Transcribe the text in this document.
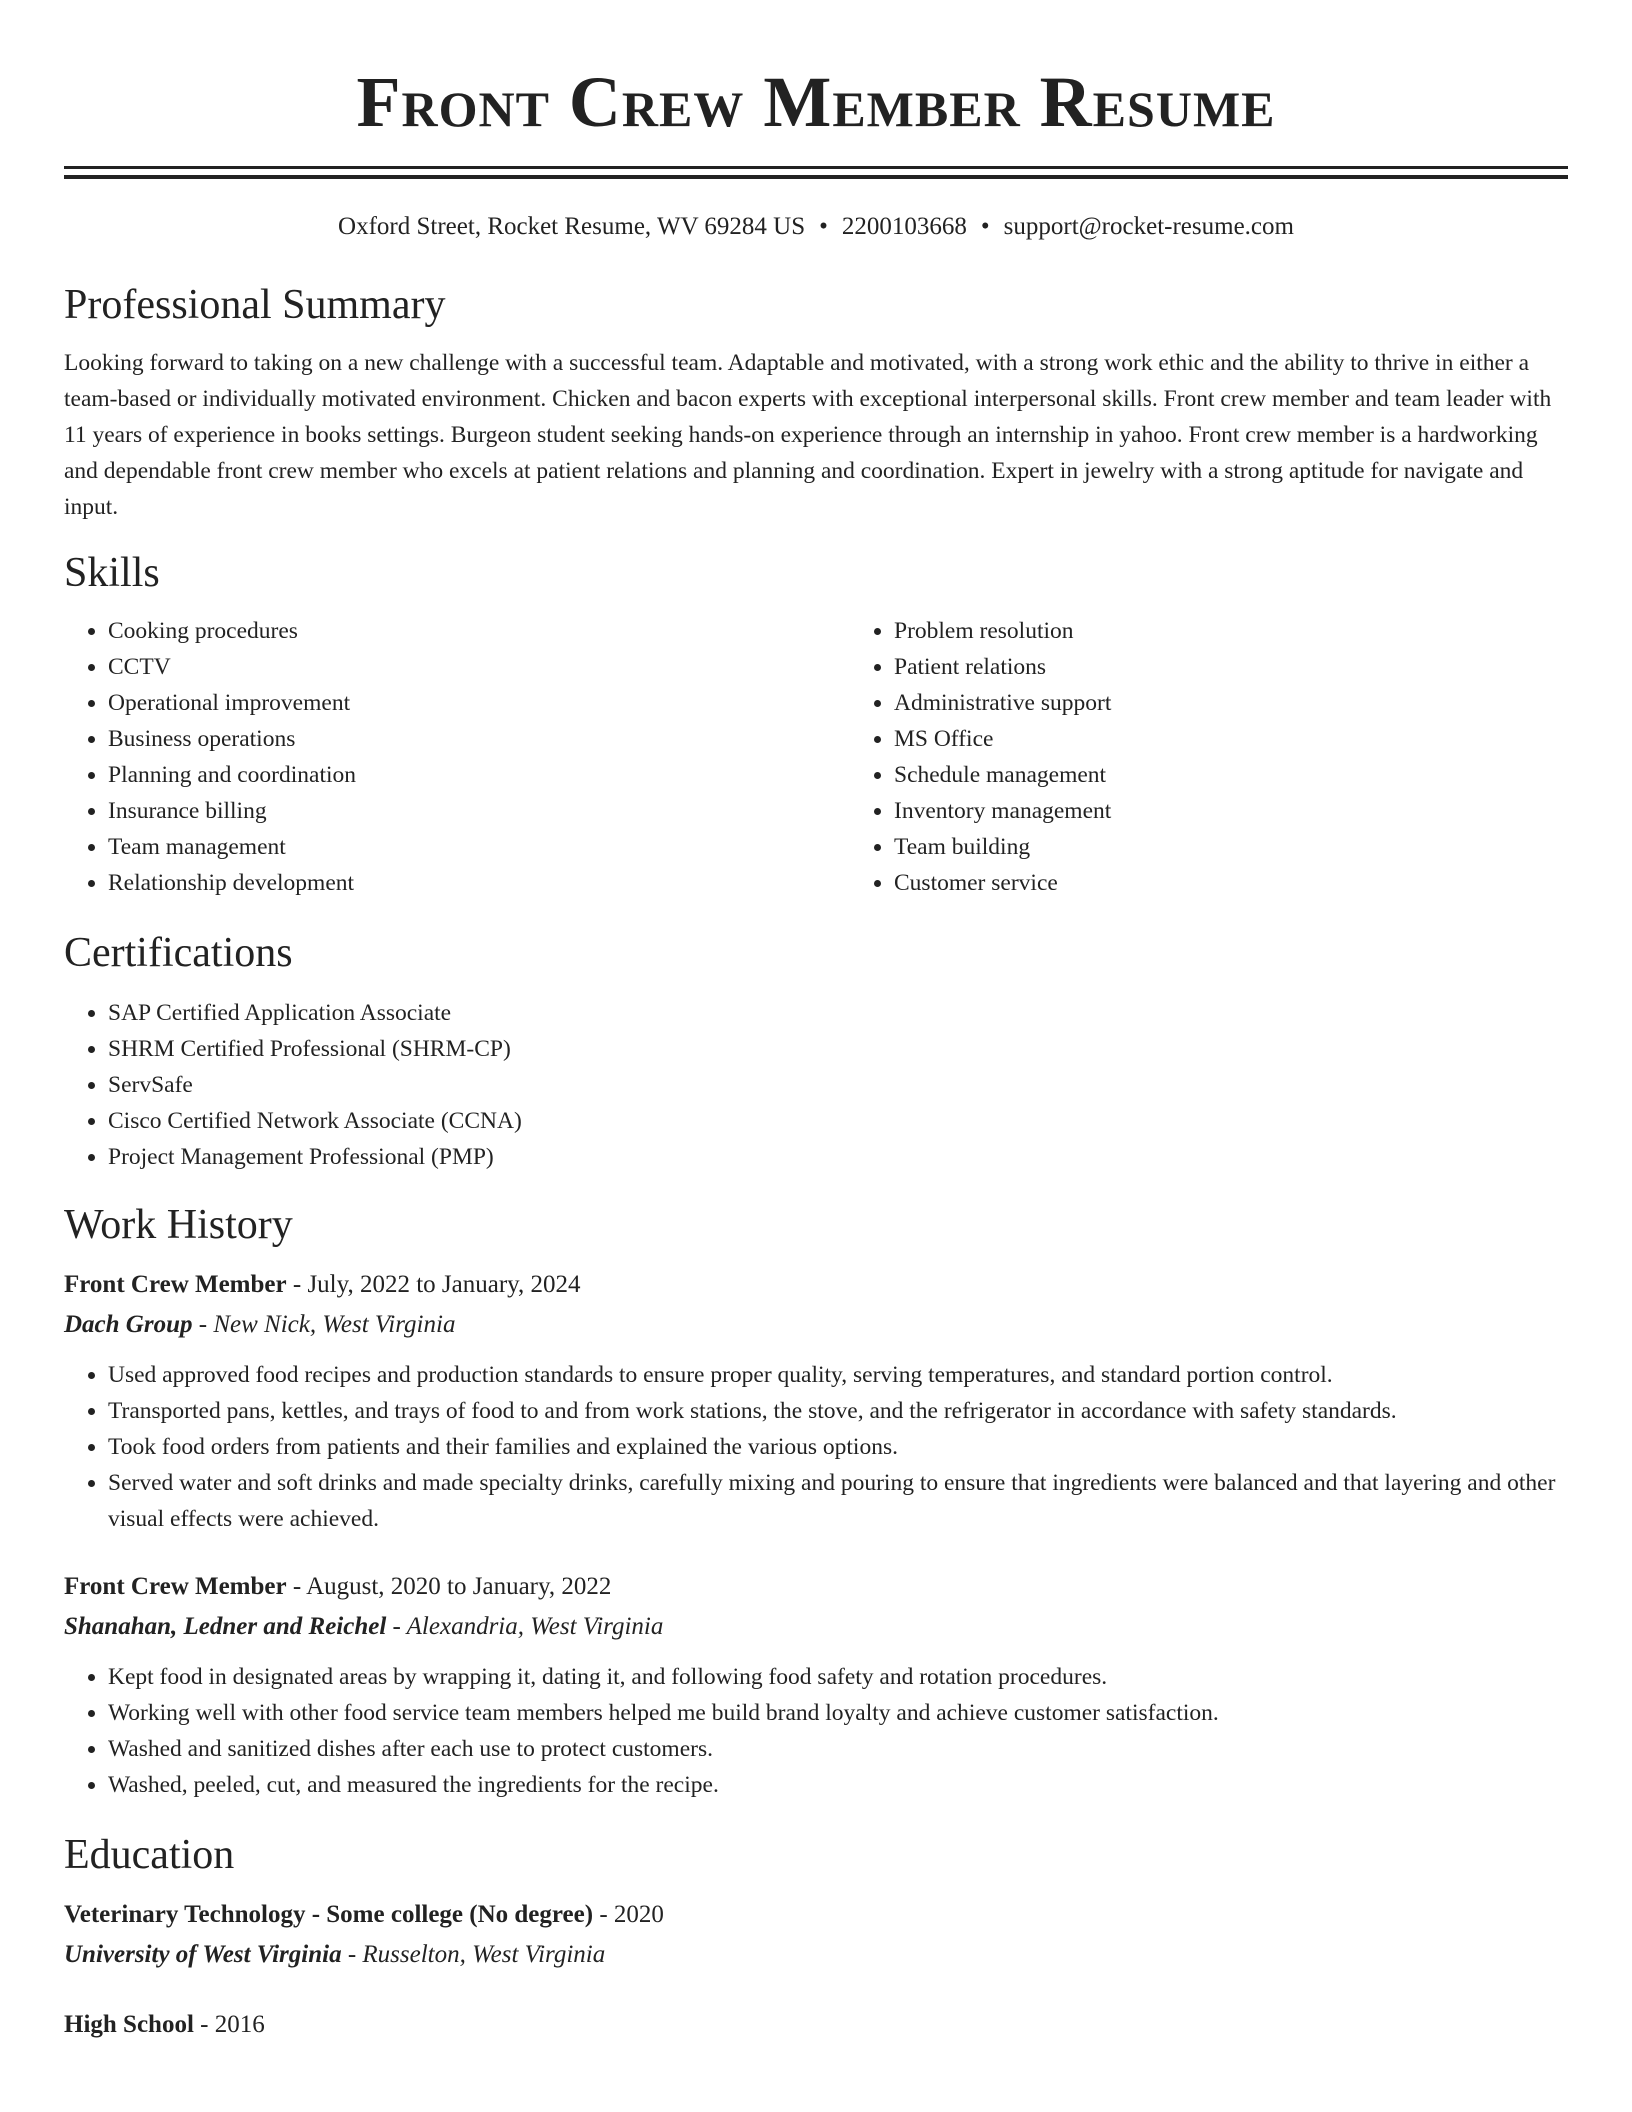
Front Crew Member Resume
Oxford Street, Rocket Resume, WV 69284 US • 2200103668 • support@rocket-resume.com
Professional Summary

Looking forward to taking on a new challenge with a successful team. Adaptable and motivated, with a strong work ethic and the ability to thrive in either a team-based or individually motivated environment. Chicken and bacon experts with exceptional interpersonal skills. Front crew member and team leader with 11 years of experience in books settings. Burgeon student seeking hands-on experience through an internship in yahoo. Front crew member is a hardworking and dependable front crew member who excels at patient relations and planning and coordination. Expert in jewelry with a strong aptitude for navigate and input.

Skills
• Cooking procedures
• CCTV
• Operational improvement
• Business operations
• Planning and coordination
• Insurance billing
• Team management
• Relationship development
• Problem resolution
• Patient relations
• Administrative support
• MS Office
• Schedule management
• Inventory management
• Team building
• Customer service
Certifications
• SAP Certified Application Associate
• SHRM Certified Professional (SHRM-CP)
• ServSafe
• Cisco Certified Network Associate (CCNA)
• Project Management Professional (PMP)
Work History
Front Crew Member - July, 2022 to January, 2024
Dach Group - New Nick, West Virginia
• Used approved food recipes and production standards to ensure proper quality, serving temperatures, and standard portion control.
• Transported pans, kettles, and trays of food to and from work stations, the stove, and the refrigerator in accordance with safety standards.
• Took food orders from patients and their families and explained the various options.
• Served water and soft drinks and made specialty drinks, carefully mixing and pouring to ensure that ingredients were balanced and that layering and other visual effects were achieved.
Front Crew Member - August, 2020 to January, 2022
Shanahan, Ledner and Reichel - Alexandria, West Virginia
• Kept food in designated areas by wrapping it, dating it, and following food safety and rotation procedures.
• Working well with other food service team members helped me build brand loyalty and achieve customer satisfaction.
• Washed and sanitized dishes after each use to protect customers.
• Washed, peeled, cut, and measured the ingredients for the recipe.
Education
Veterinary Technology - Some college (No degree) - 2020
University of West Virginia - Russelton, West Virginia
High School - 2016
